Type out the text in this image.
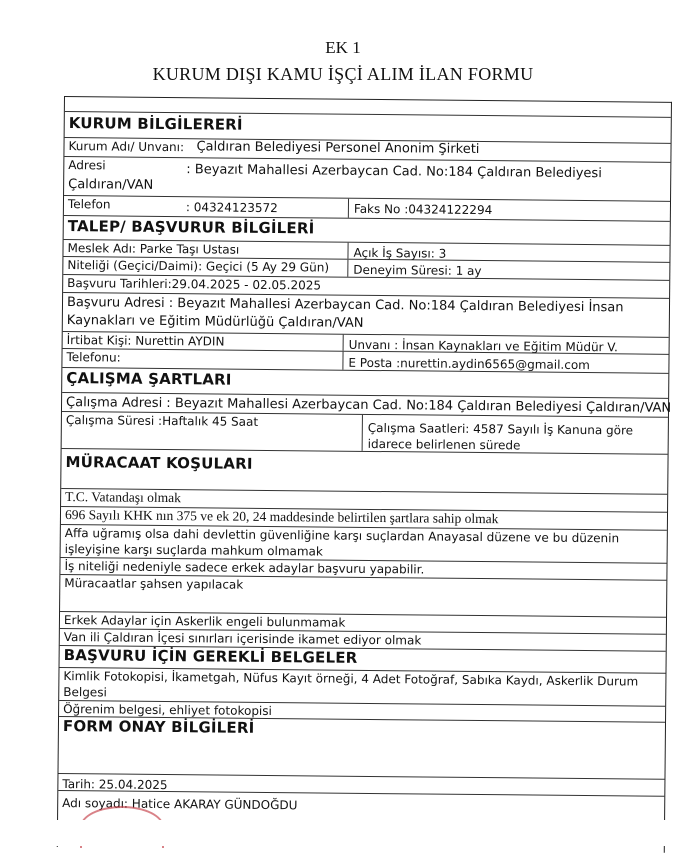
EK 1
KURUM DIŞI KAMU İŞÇİ ALIM İLAN FORMU
KURUM BİLGİLERERİ
Kurum Adı/ Unvanı: Çaldıran Belediyesi Personel Anonim Şirketi
Adresi	: Beyazıt Mahallesi Azerbaycan Cad. No:184 Çaldıran Belediyesi
Çaldıran/VAN
Telefon	: 04324123572	Faks No :04324122294
TALEP/ BAŞVURUR BİLGİLERİ
Meslek Adı: Parke Taşı Ustası	Açık İş Sayısı: 3
Niteliği (Geçici/Daimi): Geçici (5 Ay 29 Gün)	Deneyim Süresi: 1 ay
Başvuru Tarihleri:29.04.2025 - 02.05.2025
Başvuru Adresi : Beyazıt Mahallesi Azerbaycan Cad. No:184 Çaldıran Belediyesi İnsan
Kaynakları ve Eğitim Müdürlüğü Çaldıran/VAN
İrtibat Kişi: Nurettin AYDIN	Unvanı : İnsan Kaynakları ve Eğitim Müdür V.
Telefonu:	E Posta :nurettin.aydin6565@gmail.com
ÇALIŞMA ŞARTLARI
Çalışma Adresi : Beyazıt Mahallesi Azerbaycan Cad. No:184 Çaldıran Belediyesi Çaldıran/VAN
Çalışma Süresi :Haftalık 45 Saat	Çalışma Saatleri: 4587 Sayılı İş Kanuna göre
idarece belirlenen sürede
MÜRACAAT KOŞULARI
T.C. Vatandaşı olmak
696 Sayılı KHK nın 375 ve ek 20, 24 maddesinde belirtilen şartlara sahip olmak
Affa uğramış olsa dahi devlettin güvenliğine karşı suçlardan Anayasal düzene ve bu düzenin
işleyişine karşı suçlarda mahkum olmamak
İş niteliği nedeniyle sadece erkek adaylar başvuru yapabilir.
Müracaatlar şahsen yapılacak
Erkek Adaylar için Askerlik engeli bulunmamak
Van ili Çaldıran İçesi sınırları içerisinde ikamet ediyor olmak
BAŞVURU İÇİN GEREKLİ BELGELER
Kimlik Fotokopisi, İkametgah, Nüfus Kayıt örneği, 4 Adet Fotoğraf, Sabıka Kaydı, Askerlik Durum
Belgesi
Öğrenim belgesi, ehliyet fotokopisi
FORM ONAY BİLGİLERİ
Tarih: 25.04.2025
Adı soyadı: Hatice AKARAY GÜNDOĞDU
